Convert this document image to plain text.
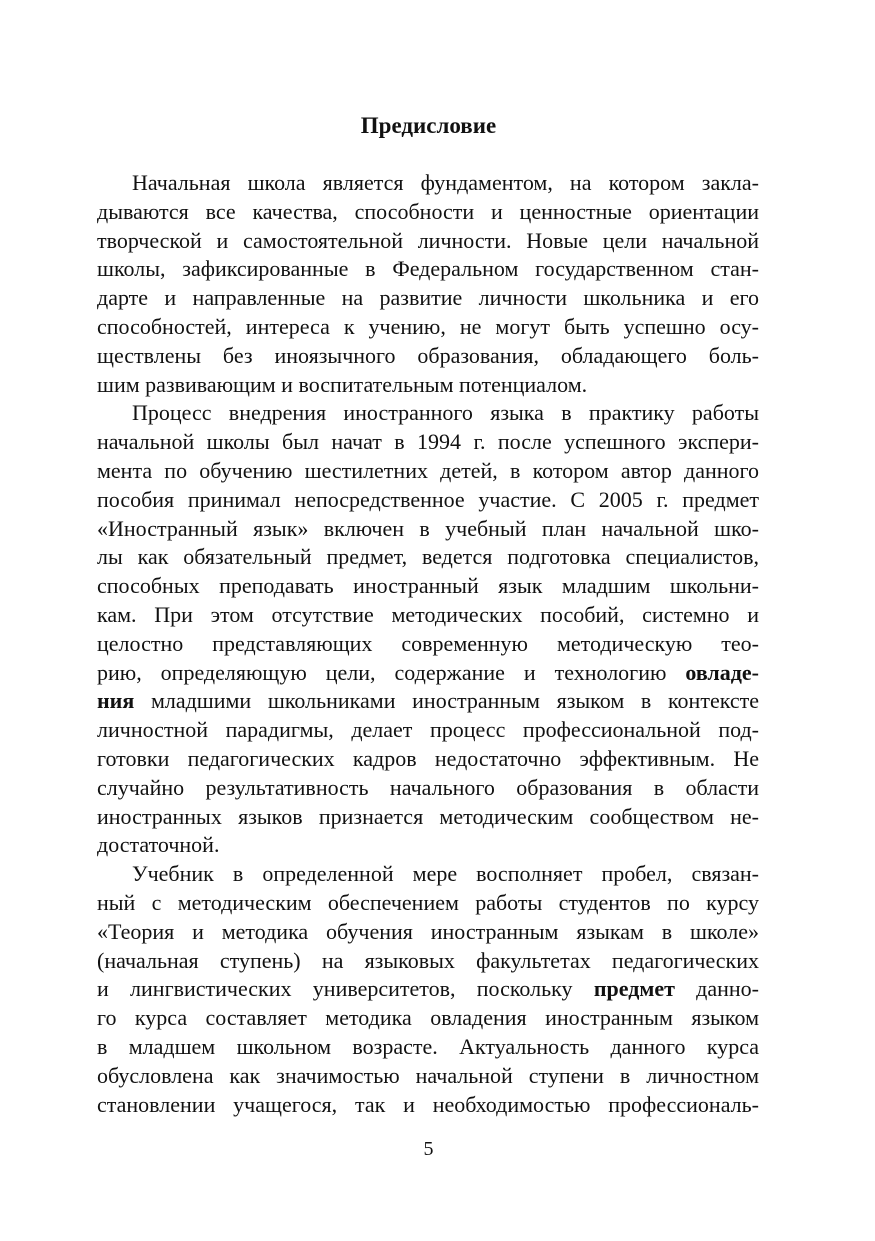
Предисловие
Начальная школа является фундаментом, на котором закла-
дываются все качества, способности и ценностные ориентации
творческой и самостоятельной личности. Новые цели начальной
школы, зафиксированные в Федеральном государственном стан-
дарте и направленные на развитие личности школьника и его
способностей, интереса к учению, не могут быть успешно осу-
ществлены без иноязычного образования, обладающего боль-
шим развивающим и воспитательным потенциалом.
Процесс внедрения иностранного языка в практику работы
начальной школы был начат в 1994 г. после успешного экспери-
мента по обучению шестилетних детей, в котором автор данного
пособия принимал непосредственное участие. С 2005 г. предмет
«Иностранный язык» включен в учебный план начальной шко-
лы как обязательный предмет, ведется подготовка специалистов,
способных преподавать иностранный язык младшим школьни-
кам. При этом отсутствие методических пособий, системно и
целостно представляющих современную методическую тео-
рию, определяющую цели, содержание и технологию овладе-
ния младшими школьниками иностранным языком в контексте
личностной парадигмы, делает процесс профессиональной под-
готовки педагогических кадров недостаточно эффективным. Не
случайно результативность начального образования в области
иностранных языков признается методическим сообществом не-
достаточной.
Учебник в определенной мере восполняет пробел, связан-
ный с методическим обеспечением работы студентов по курсу
«Теория и методика обучения иностранным языкам в школе»
(начальная ступень) на языковых факультетах педагогических
и лингвистических университетов, поскольку предмет данно-
го курса составляет методика овладения иностранным языком
в младшем школьном возрасте. Актуальность данного курса
обусловлена как значимостью начальной ступени в личностном
становлении учащегося, так и необходимостью профессиональ-
5
